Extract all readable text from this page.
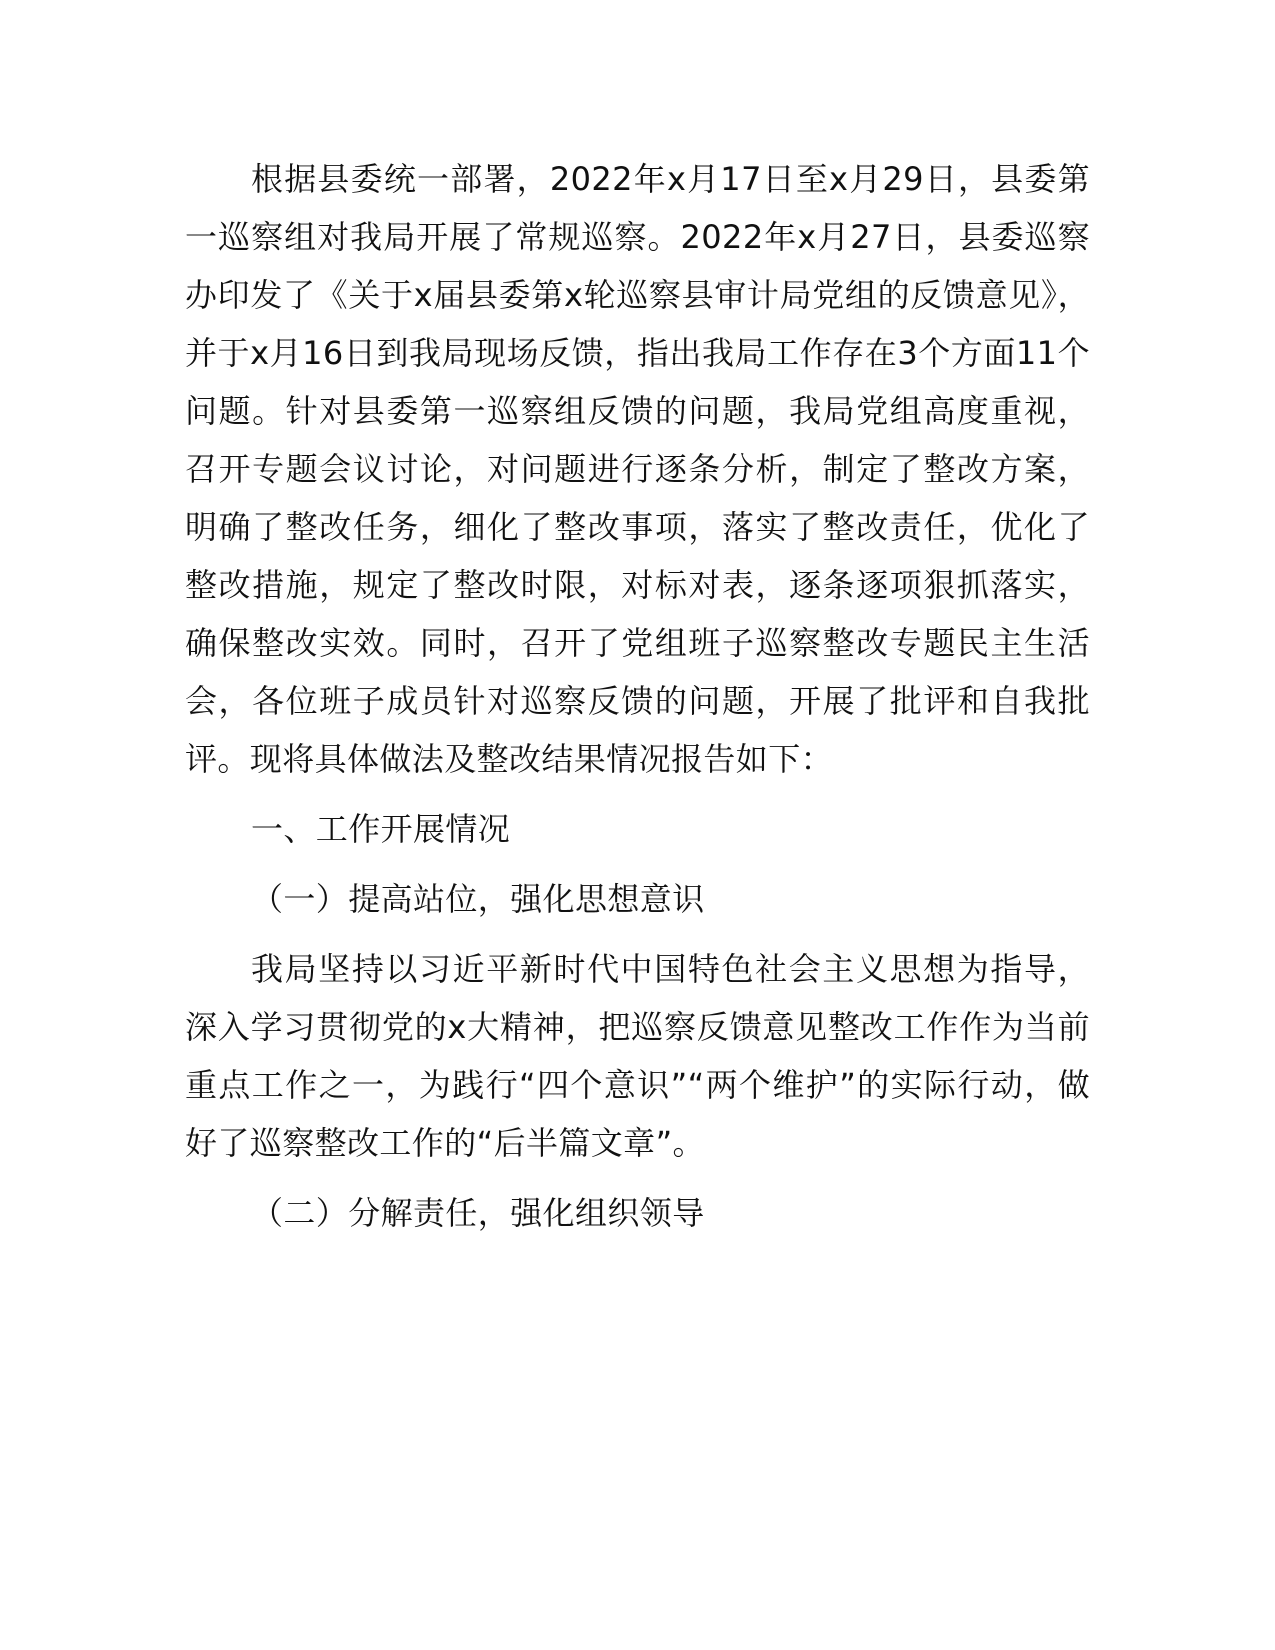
根据县委统一部署，2022年x月17日至x月29日，县委第一巡察组对我局开展了常规巡察。2022年x月27日，县委巡察办印发了《关于x届县委第x轮巡察县审计局党组的反馈意见》，并于x月16日到我局现场反馈，指出我局工作存在3个方面11个问题。针对县委第一巡察组反馈的问题，我局党组高度重视，召开专题会议讨论，对问题进行逐条分析，制定了整改方案，明确了整改任务，细化了整改事项，落实了整改责任，优化了整改措施，规定了整改时限，对标对表，逐条逐项狠抓落实，确保整改实效。同时，召开了党组班子巡察整改专题民主生活会，各位班子成员针对巡察反馈的问题，开展了批评和自我批评。现将具体做法及整改结果情况报告如下：

一、工作开展情况

（一）提高站位，强化思想意识

我局坚持以习近平新时代中国特色社会主义思想为指导，深入学习贯彻党的x大精神，把巡察反馈意见整改工作作为当前重点工作之一，为践行“四个意识”“两个维护”的实际行动，做好了巡察整改工作的“后半篇文章”。

（二）分解责任，强化组织领导
